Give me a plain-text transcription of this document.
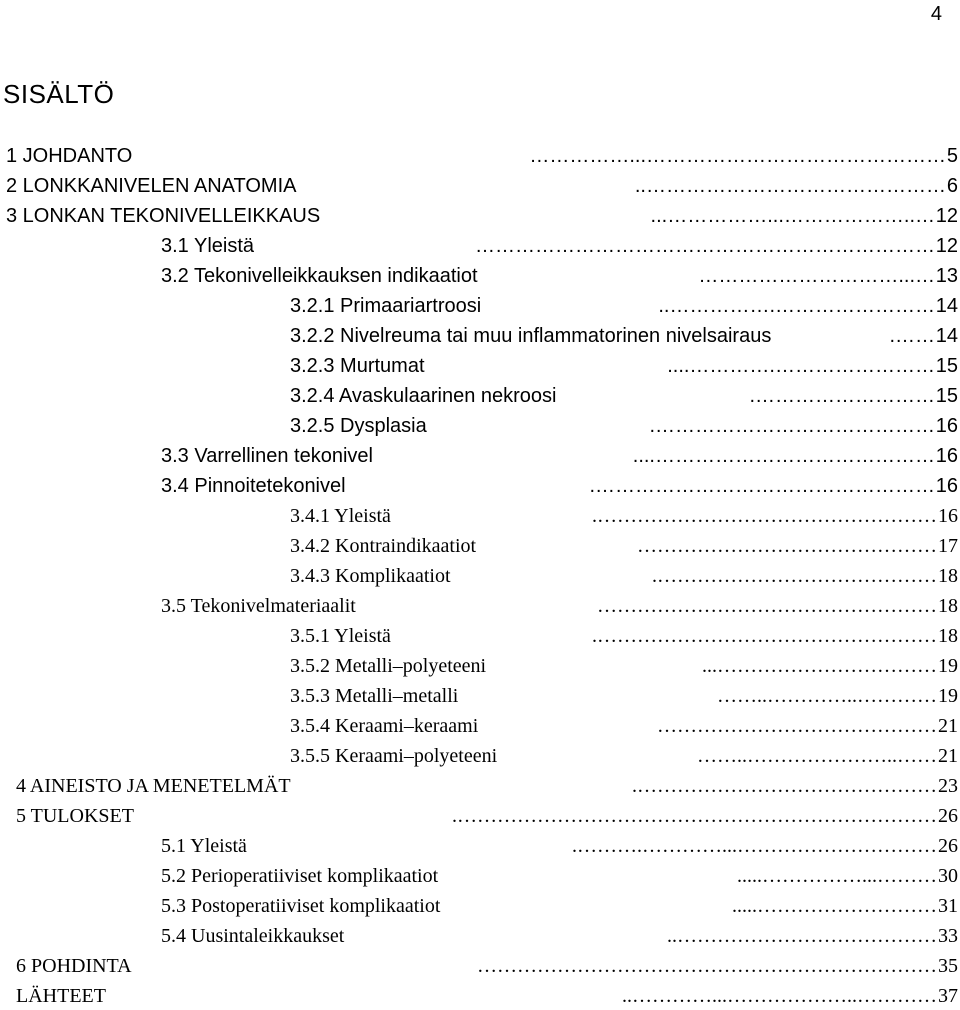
4
SISÄLTÖ
1 JOHDANTO	………………………………………...…………… 5
2 LONKKANIVELEN ANATOMIA	……………………………………….. 6
3 LONKAN TEKONIVELLEIKKAUS	…..………………...……………... 12
3.1 Yleistä	…………………………………………………………… 12
3.2 Tekonivelleikkauksen indikaatiot	…...………………………… 13
3.2.1 Primaariartroosi	…………………….…………….. 14
3.2.2 Nivelreuma tai muu inflammatorinen nivelsairaus	……. 14
3.2.3 Murtumat	…………………….………….... 15
3.2.4 Avaskulaarinen nekroosi	………………………. 15
3.2.5 Dysplasia	……………………………………. 16
3.3 Varrellinen tekonivel	…………………………………….... 16
3.4 Pinnoitetekonivel	……………………………………………. 16
3.4.1 Yleistä	……………………………………………. 16
3.4.2 Kontraindikaatiot	……………………………………… 17
3.4.3 Komplikaatiot	……………………………………. 18
3.5 Tekonivelmateriaalit	…………………………………………… 18
3.5.1 Yleistä	……………………………………………. 18
3.5.2 Metalli–polyeteeni	……………………………... 19
3.5.3 Metalli–metalli	…………..…………..…… 19
3.5.4 Keraami–keraami	…………………………………… 21
3.5.5 Keraami–polyeteeni	……..…………………..…… 21
4 AINEISTO JA MENETELMÄT	………………………………………. 23
5 TULOKSET	………………………………………………………………. 26
5.1 Yleistä	…………………………...………….………. 26
5.2 Perioperatiiviset komplikaatiot	………...……………..... 30
5.3 Postoperatiiviset komplikaatiot	………………………..... 31
5.4 Uusintaleikkaukset	………………………………….. 33
6 POHDINTA	…………………………………………………………… 35
LÄHTEET	…………..………………...………….. 37
